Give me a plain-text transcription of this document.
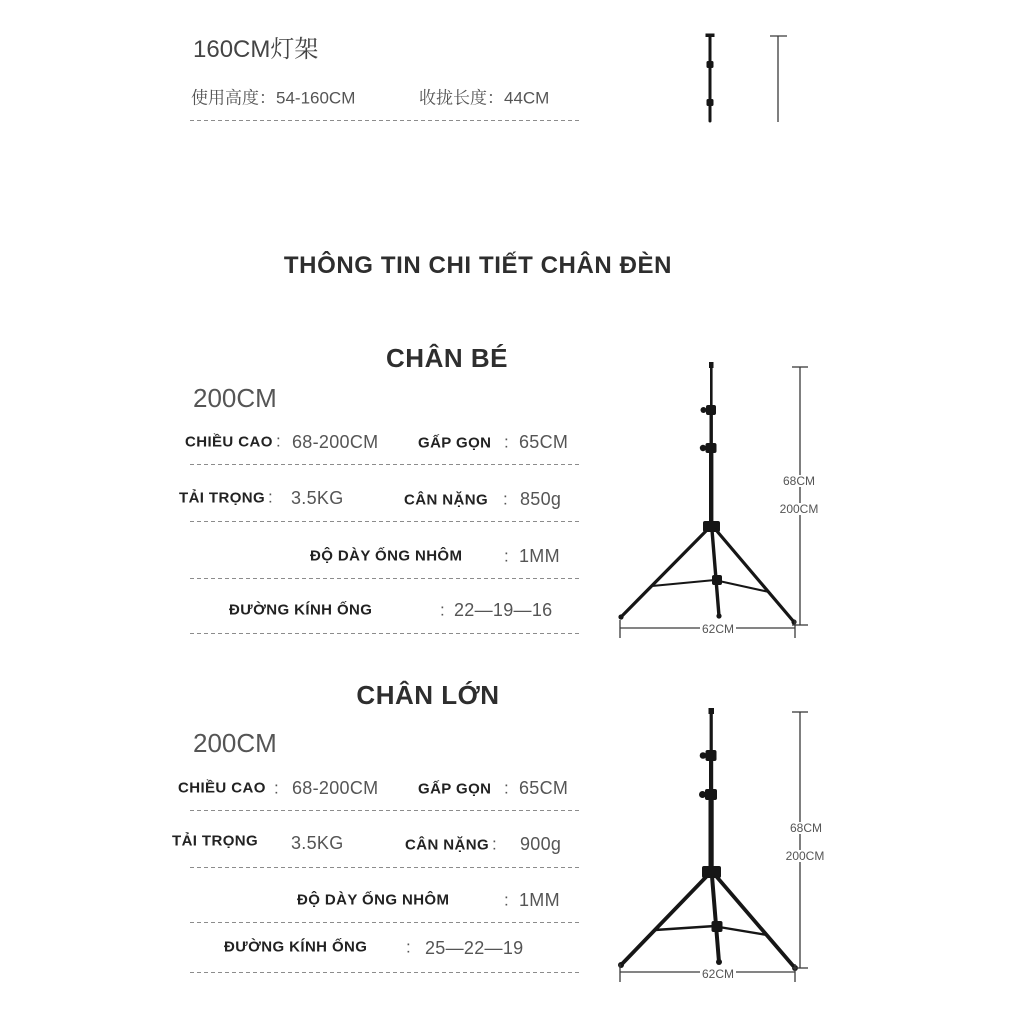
160CM灯架
使用高度：54-160CM	收拢长度：44CM
THÔNG TIN CHI TIẾT CHÂN ĐÈN
CHÂN BÉ
200CM
CHIỀU CAO : 68-200CM	GẤP GỌN : 65CM
TẢI TRỌNG : 3.5KG	CÂN NẶNG : 850g
ĐỘ DÀY ỐNG NHÔM : 1MM
ĐƯỜNG KÍNH ỐNG	: 22—19—16
68CM
200CM
62CM
CHÂN LỚN
200CM
CHIỀU CAO : 68-200CM	GẤP GỌN : 65CM
TẢI TRỌNG 3.5KG	CÂN NẶNG : 900g
ĐỘ DÀY ỐNG NHÔM	: 1MM
ĐƯỜNG KÍNH ỐNG : 25—22—19
68CM
200CM
62CM
